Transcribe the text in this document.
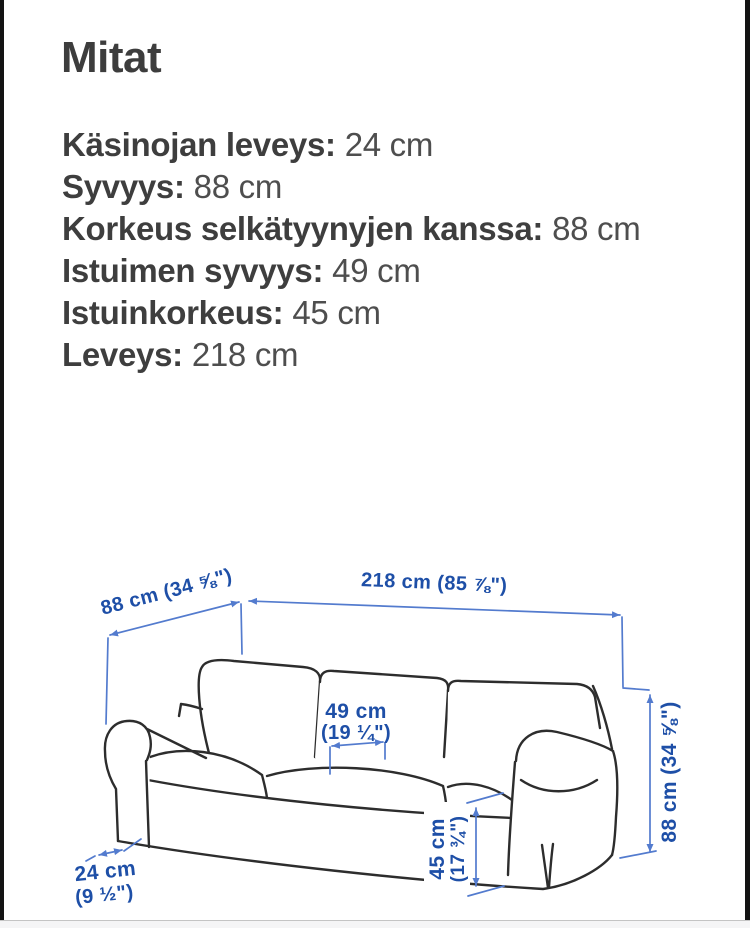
Mitat
Käsinojan leveys: 24 cm
Syvyys: 88 cm
Korkeus selkätyynyjen kanssa: 88 cm
Istuimen syvyys: 49 cm
Istuinkorkeus: 45 cm
Leveys: 218 cm
88 cm (34 ⅝")	218 cm (85 ⅞")
49 cm
(19 ¼")
45 cm (17 ¾")
88 cm (34 ⅝")
24 cm
(9 ½")
